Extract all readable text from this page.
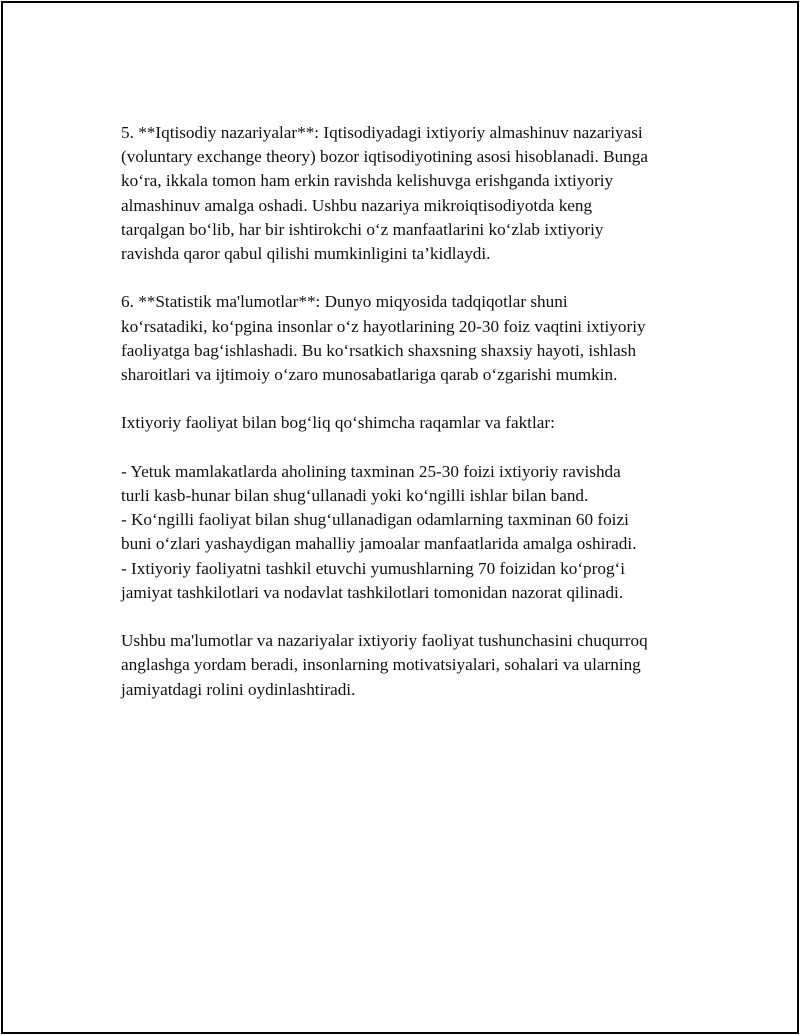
5. **Iqtisodiy nazariyalar**: Iqtisodiyadagi ixtiyoriy almashinuv nazariyasi
(voluntary exchange theory) bozor iqtisodiyotining asosi hisoblanadi. Bunga
ko‘ra, ikkala tomon ham erkin ravishda kelishuvga erishganda ixtiyoriy
almashinuv amalga oshadi. Ushbu nazariya mikroiqtisodiyotda keng
tarqalgan bo‘lib, har bir ishtirokchi o‘z manfaatlarini ko‘zlab ixtiyoriy
ravishda qaror qabul qilishi mumkinligini ta’kidlaydi.
6. **Statistik ma'lumotlar**: Dunyo miqyosida tadqiqotlar shuni
ko‘rsatadiki, ko‘pgina insonlar o‘z hayotlarining 20-30 foiz vaqtini ixtiyoriy
faoliyatga bag‘ishlashadi. Bu ko‘rsatkich shaxsning shaxsiy hayoti, ishlash
sharoitlari va ijtimoiy o‘zaro munosabatlariga qarab o‘zgarishi mumkin.
Ixtiyoriy faoliyat bilan bog‘liq qo‘shimcha raqamlar va faktlar:
- Yetuk mamlakatlarda aholining taxminan 25-30 foizi ixtiyoriy ravishda
turli kasb-hunar bilan shug‘ullanadi yoki ko‘ngilli ishlar bilan band.
- Ko‘ngilli faoliyat bilan shug‘ullanadigan odamlarning taxminan 60 foizi
buni o‘zlari yashaydigan mahalliy jamoalar manfaatlarida amalga oshiradi.
- Ixtiyoriy faoliyatni tashkil etuvchi yumushlarning 70 foizidan ko‘prog‘i
jamiyat tashkilotlari va nodavlat tashkilotlari tomonidan nazorat qilinadi.
Ushbu ma'lumotlar va nazariyalar ixtiyoriy faoliyat tushunchasini chuqurroq
anglashga yordam beradi, insonlarning motivatsiyalari, sohalari va ularning
jamiyatdagi rolini oydinlashtiradi.
